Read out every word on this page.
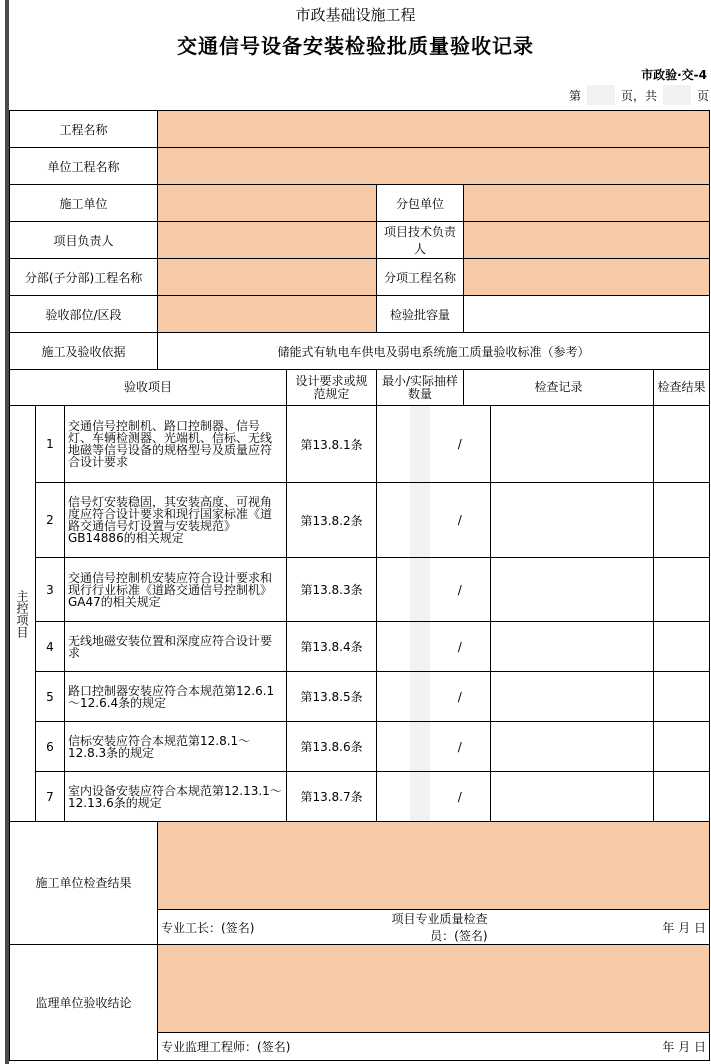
市政基础设施工程
交通信号设备安装检验批质量验收记录
市政验·交-4
第	页，共	页
工程名称										
单位工程名称										
施工单位					分包单位					
项目负责人					项目技术负责人					
分部(子分部)工程名称					分项工程名称					
验收部位/区段					检验批容量					
施工及验收依据			储能式有轨电车供电及弱电系统施工质量验收标准（参考）							
验收项目				设计要求或规范规定	最小/实际抽样数量			检查记录		检查结果
主控项目	1	交通信号控制机、路口控制器、信号灯、车辆检测器、光端机、信标、无线地磁等信号设备的规格型号及质量应符合设计要求		第13.8.1条			/			
	2	信号灯安装稳固，其安装高度、可视角度应符合设计要求和现行国家标准《道路交通信号灯设置与安装规范》GB14886的相关规定		第13.8.2条			/			
	3	交通信号控制机安装应符合设计要求和现行行业标准《道路交通信号控制机》GA47的相关规定		第13.8.3条			/			
	4	无线地磁安装位置和深度应符合设计要求		第13.8.4条			/			
	5	路口控制器安装应符合本规范第12.6.1～12.6.4条的规定		第13.8.5条			/			
	6	信标安装应符合本规范第12.8.1～12.8.3条的规定		第13.8.6条			/			
	7	室内设备安装应符合本规范第12.13.1～12.13.6条的规定		第13.8.7条			/			
施工单位检查结果										
			专业工长：(签名)		项目专业质量检查员：(签名)				年 月 日	
监理单位验收结论										
			专业监理工程师：(签名)				年 月 日			
